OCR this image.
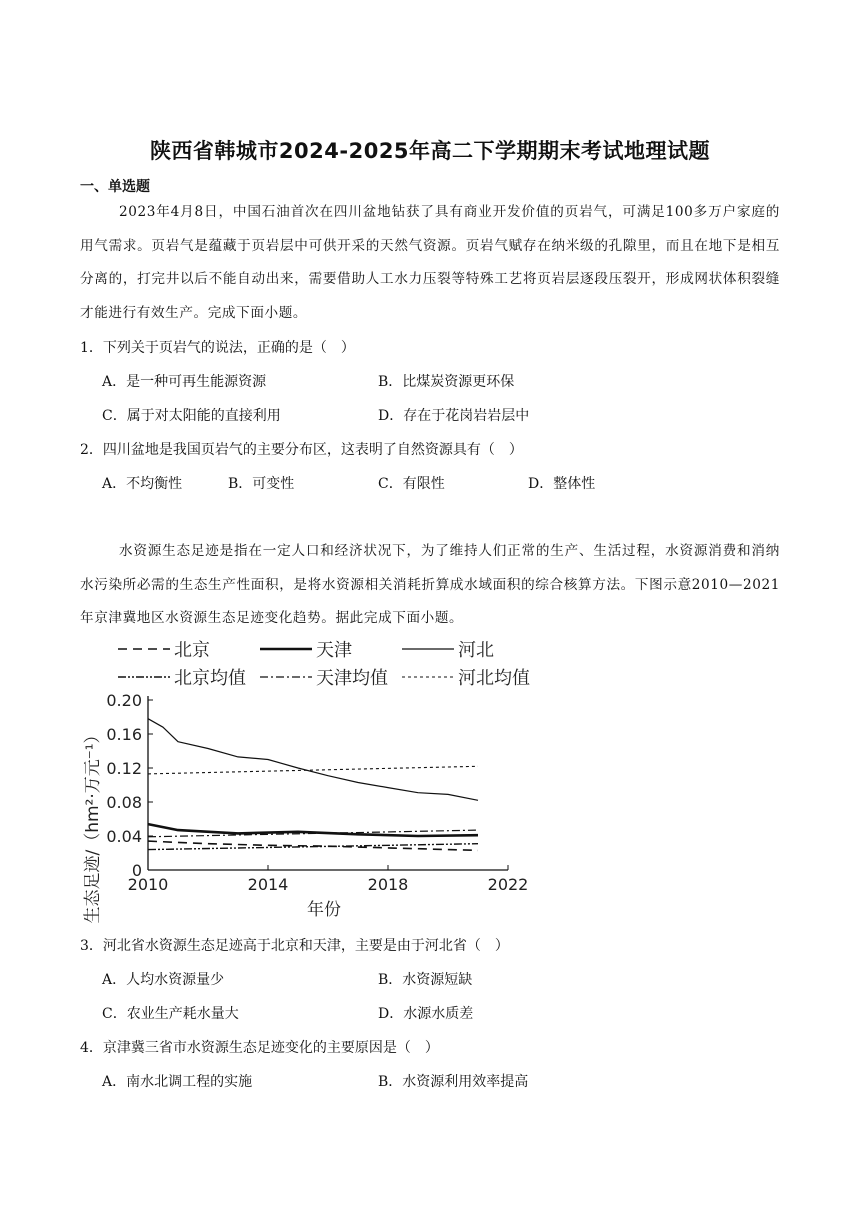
陕西省韩城市2024-2025年高二下学期期末考试地理试题
一、单选题
2023年4月8日，中国石油首次在四川盆地钻获了具有商业开发价值的页岩气，可满足100多万户家庭的用气需求。页岩气是蕴藏于页岩层中可供开采的天然气资源。页岩气赋存在纳米级的孔隙里，而且在地下是相互分离的，打完井以后不能自动出来，需要借助人工水力压裂等特殊工艺将页岩层逐段压裂开，形成网状体积裂缝才能进行有效生产。完成下面小题。
1．下列关于页岩气的说法，正确的是（　）
A．是一种可再生能源资源	B．比煤炭资源更环保
C．属于对太阳能的直接利用	D．存在于花岗岩岩层中
2．四川盆地是我国页岩气的主要分布区，这表明了自然资源具有（　）
A．不均衡性	B．可变性	C．有限性	D．整体性
水资源生态足迹是指在一定人口和经济状况下，为了维持人们正常的生产、生活过程，水资源消费和消纳水污染所必需的生态生产性面积，是将水资源相关消耗折算成水域面积的综合核算方法。下图示意2010—2021年京津冀地区水资源生态足迹变化趋势。据此完成下面小题。
北京	天津	河北
北京均值	天津均值	河北均值
0
0.04
0.08
0.12
0.16
0.20
2010	2014	2018	2022
生态足迹/（hm²·万元⁻¹）	年份
3．河北省水资源生态足迹高于北京和天津，主要是由于河北省（　）
A．人均水资源量少	B．水资源短缺
C．农业生产耗水量大	D．水源水质差
4．京津冀三省市水资源生态足迹变化的主要原因是（　）
A．南水北调工程的实施	B．水资源利用效率提高
